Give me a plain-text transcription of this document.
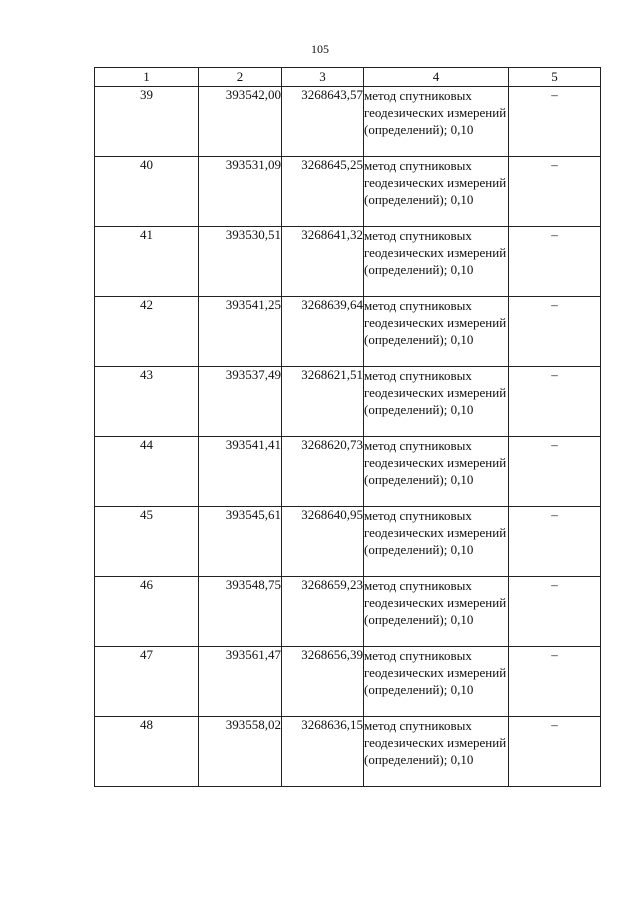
105
1	2	3	4	5
39	393542,00	3268643,57	метод спутниковых геодезических измерений (определений); 0,10	–
40	393531,09	3268645,25	метод спутниковых геодезических измерений (определений); 0,10	–
41	393530,51	3268641,32	метод спутниковых геодезических измерений (определений); 0,10	–
42	393541,25	3268639,64	метод спутниковых геодезических измерений (определений); 0,10	–
43	393537,49	3268621,51	метод спутниковых геодезических измерений (определений); 0,10	–
44	393541,41	3268620,73	метод спутниковых геодезических измерений (определений); 0,10	–
45	393545,61	3268640,95	метод спутниковых геодезических измерений (определений); 0,10	–
46	393548,75	3268659,23	метод спутниковых геодезических измерений (определений); 0,10	–
47	393561,47	3268656,39	метод спутниковых геодезических измерений (определений); 0,10	–
48	393558,02	3268636,15	метод спутниковых геодезических измерений (определений); 0,10	–
